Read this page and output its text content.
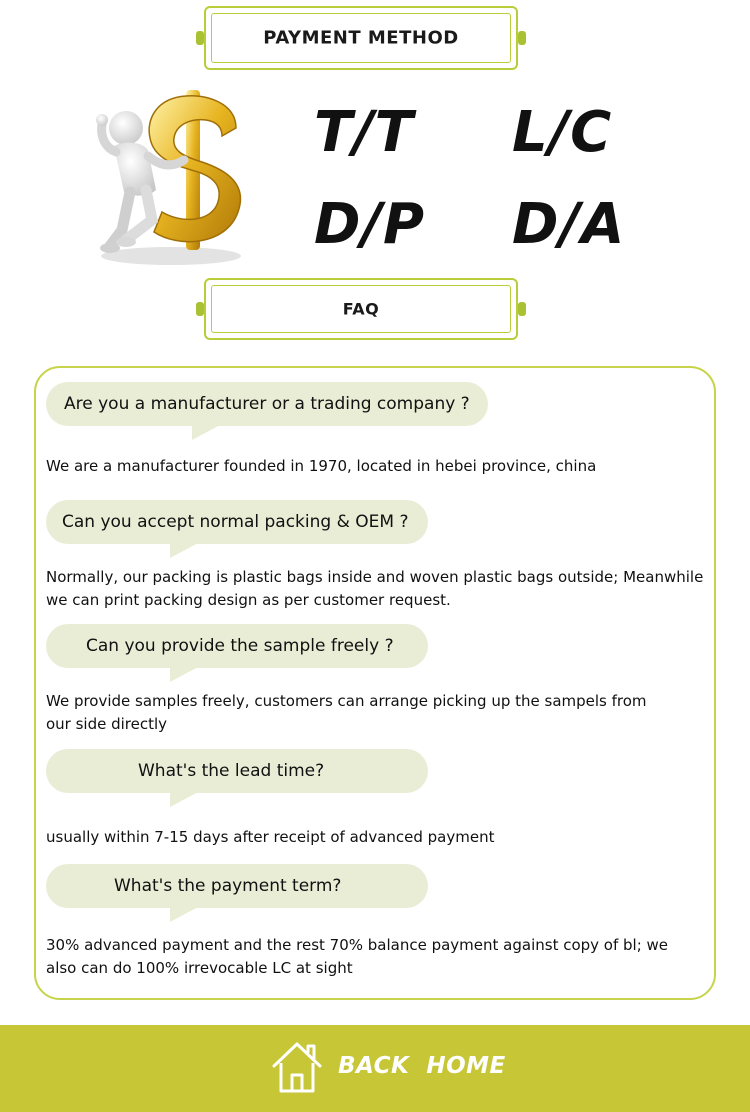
PAYMENT METHOD
T/T L/C
D/P D/A
FAQ
Are you a manufacturer or a trading company ?
We are a manufacturer founded in 1970, located in hebei province, china
Can you accept normal packing & OEM ?
Normally, our packing is plastic bags inside and woven plastic bags outside; Meanwhile
we can print packing design as per customer request.
Can you provide the sample freely ?
We provide samples freely, customers can arrange picking up the sampels from
our side directly
What's the lead time?
usually within 7-15 days after receipt of advanced payment
What's the payment term?
30% advanced payment and the rest 70% balance payment against copy of bl; we
also can do 100% irrevocable LC at sight
BACK  HOME
